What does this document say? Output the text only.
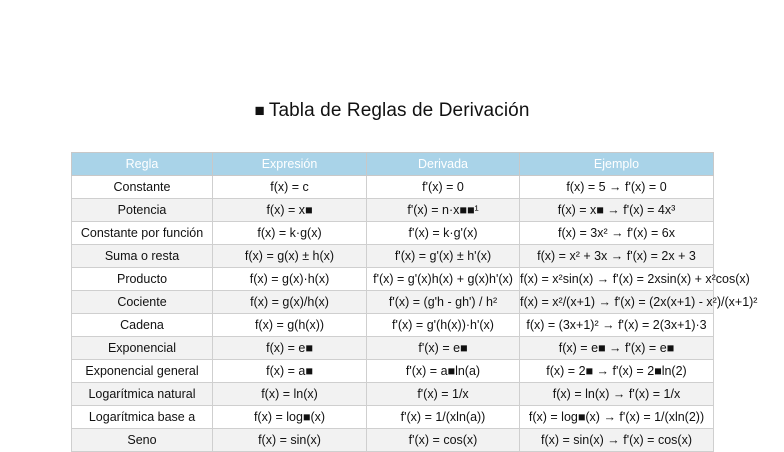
■ Tabla de Reglas de Derivación
Regla	Expresión	Derivada	Ejemplo
Constante	f(x) = c	f'(x) = 0	f(x) = 5 → f'(x) = 0
Potencia	f(x) = x■	f'(x) = n·x■■¹	f(x) = x■ → f'(x) = 4x³
Constante por función	f(x) = k·g(x)	f'(x) = k·g'(x)	f(x) = 3x² → f'(x) = 6x
Suma o resta	f(x) = g(x) ± h(x)	f'(x) = g'(x) ± h'(x)	f(x) = x² + 3x → f'(x) = 2x + 3
Producto	f(x) = g(x)·h(x)	f'(x) = g'(x)h(x) + g(x)h'(x)	f(x) = x²sin(x) → f'(x) = 2xsin(x) + x²cos(x)
Cociente	f(x) = g(x)/h(x)	f'(x) = (g'h - gh') / h²	f(x) = x²/(x+1) → f'(x) = (2x(x+1) - x²)/(x+1)²
Cadena	f(x) = g(h(x))	f'(x) = g'(h(x))·h'(x)	f(x) = (3x+1)² → f'(x) = 2(3x+1)·3
Exponencial	f(x) = e■	f'(x) = e■	f(x) = e■ → f'(x) = e■
Exponencial general	f(x) = a■	f'(x) = a■ln(a)	f(x) = 2■ → f'(x) = 2■ln(2)
Logarítmica natural	f(x) = ln(x)	f'(x) = 1/x	f(x) = ln(x) → f'(x) = 1/x
Logarítmica base a	f(x) = log■(x)	f'(x) = 1/(xln(a))	f(x) = log■(x) → f'(x) = 1/(xln(2))
Seno	f(x) = sin(x)	f'(x) = cos(x)	f(x) = sin(x) → f'(x) = cos(x)
